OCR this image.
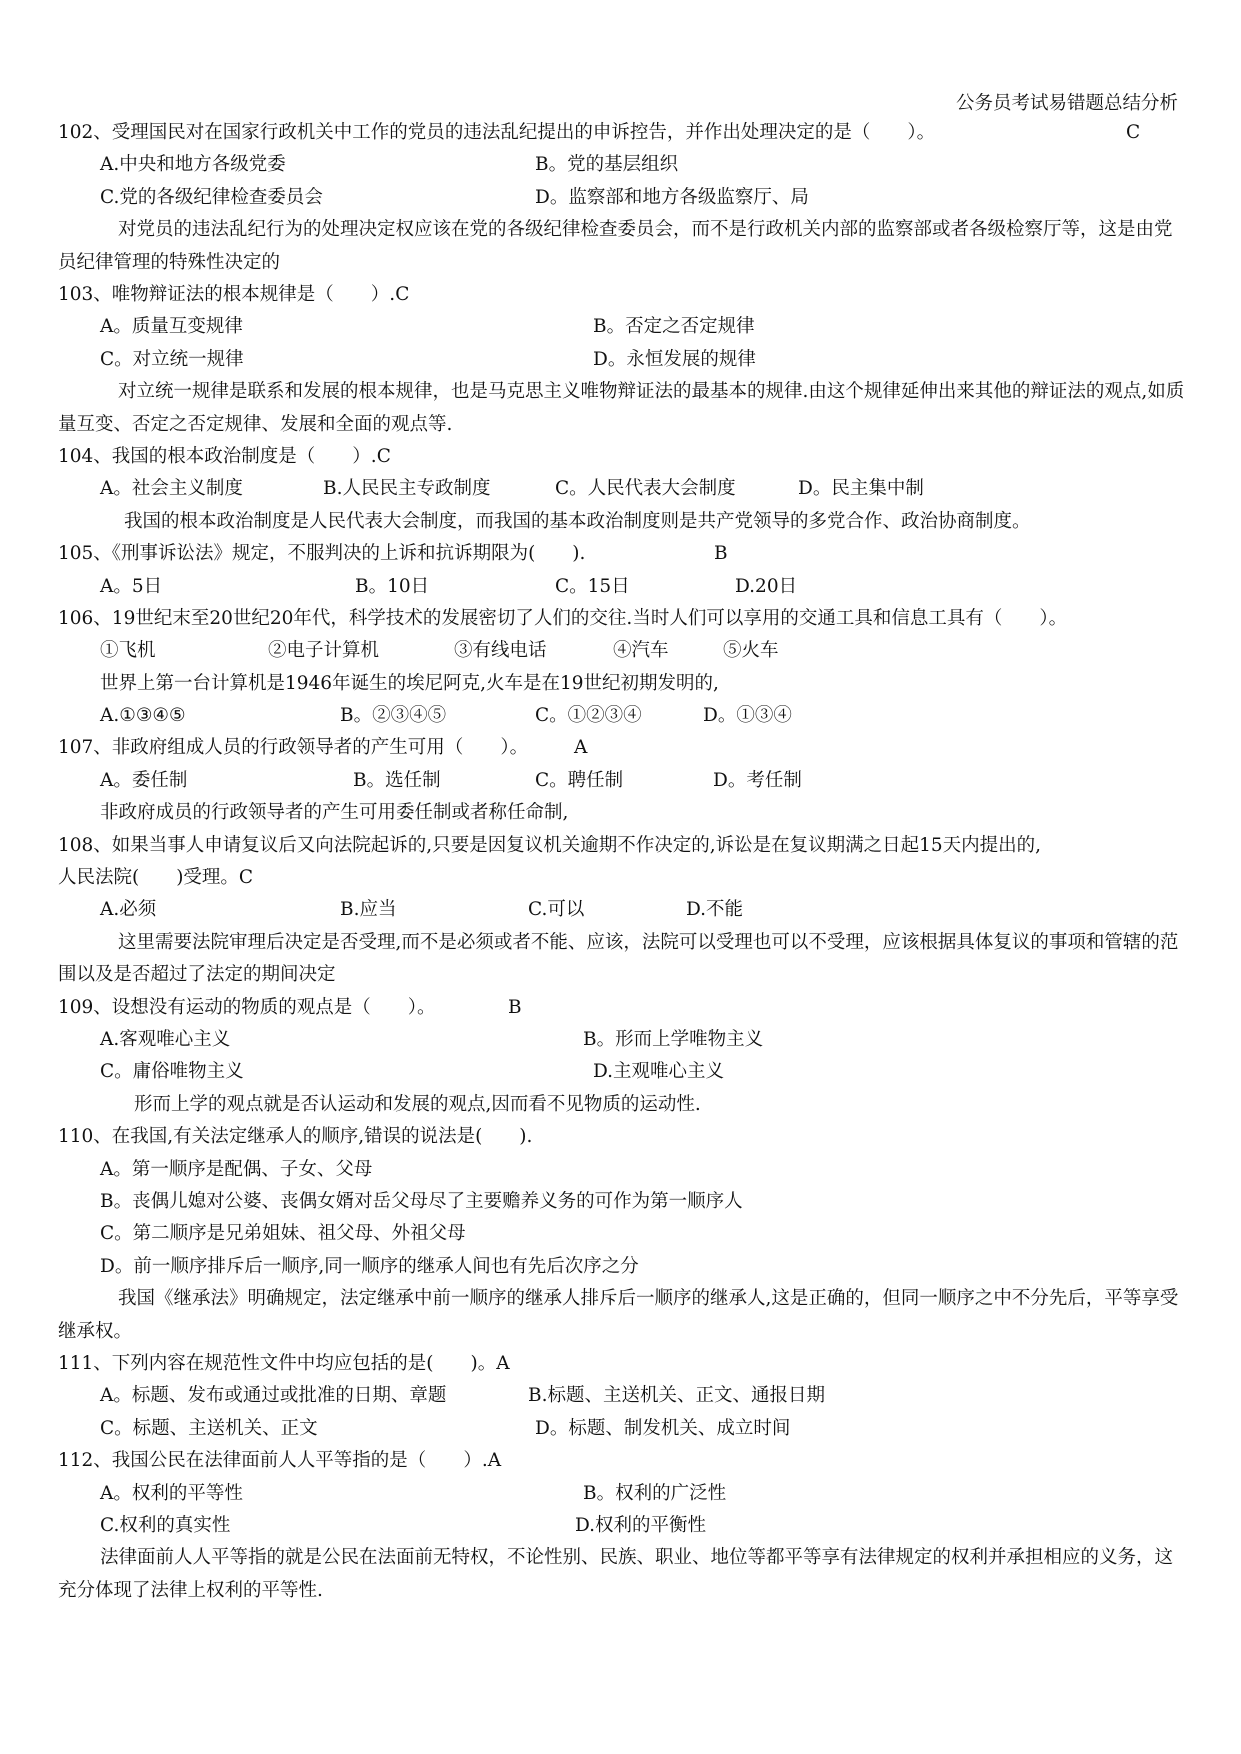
公务员考试易错题总结分析
102、受理国民对在国家行政机关中工作的党员的违法乱纪提出的申诉控告，并作出处理决定的是（　　）。	C
A.中央和地方各级党委	B。党的基层组织
C.党的各级纪律检查委员会	D。监察部和地方各级监察厅、局
对党员的违法乱纪行为的处理决定权应该在党的各级纪律检查委员会，而不是行政机关内部的监察部或者各级检察厅等，这是由党员纪律管理的特殊性决定的
103、唯物辩证法的根本规律是（　　）.C
A。质量互变规律	B。否定之否定规律
C。对立统一规律	D。永恒发展的规律
对立统一规律是联系和发展的根本规律，也是马克思主义唯物辩证法的最基本的规律.由这个规律延伸出来其他的辩证法的观点,如质量互变、否定之否定规律、发展和全面的观点等.
104、我国的根本政治制度是（　　）.C
A。社会主义制度	B.人民民主专政制度	C。人民代表大会制度	D。民主集中制
我国的根本政治制度是人民代表大会制度，而我国的基本政治制度则是共产党领导的多党合作、政治协商制度。
105、《刑事诉讼法》规定，不服判决的上诉和抗诉期限为(　　).	B
A。5日	B。10日	C。15日	D.20日
106、19世纪末至20世纪20年代，科学技术的发展密切了人们的交往.当时人们可以享用的交通工具和信息工具有（　　）。
①飞机	②电子计算机	③有线电话	④汽车	⑤火车
世界上第一台计算机是1946年诞生的埃尼阿克,火车是在19世纪初期发明的,
A.①③④⑤	B。②③④⑤	C。①②③④	D。①③④
107、非政府组成人员的行政领导者的产生可用（　　）。 A
A。委任制	B。选任制	C。聘任制	D。考任制
非政府成员的行政领导者的产生可用委任制或者称任命制,
108、如果当事人申请复议后又向法院起诉的,只要是因复议机关逾期不作决定的,诉讼是在复议期满之日起15天内提出的,
人民法院(　　)受理。C
A.必须	B.应当	C.可以	D.不能
这里需要法院审理后决定是否受理,而不是必须或者不能、应该，法院可以受理也可以不受理，应该根据具体复议的事项和管辖的范围以及是否超过了法定的期间决定
109、设想没有运动的物质的观点是（　　）。	B
A.客观唯心主义	B。形而上学唯物主义
C。庸俗唯物主义	D.主观唯心主义
形而上学的观点就是否认运动和发展的观点,因而看不见物质的运动性.
110、在我国,有关法定继承人的顺序,错误的说法是(　　).
A。第一顺序是配偶、子女、父母
B。丧偶儿媳对公婆、丧偶女婿对岳父母尽了主要赡养义务的可作为第一顺序人
C。第二顺序是兄弟姐妹、祖父母、外祖父母
D。前一顺序排斥后一顺序,同一顺序的继承人间也有先后次序之分
我国《继承法》明确规定，法定继承中前一顺序的继承人排斥后一顺序的继承人,这是正确的，但同一顺序之中不分先后，平等享受继承权。
111、下列内容在规范性文件中均应包括的是(　　)。A
A。标题、发布或通过或批准的日期、章题	B.标题、主送机关、正文、通报日期
C。标题、主送机关、正文	D。标题、制发机关、成立时间
112、我国公民在法律面前人人平等指的是（　　）.A
A。权利的平等性	B。权利的广泛性
C.权利的真实性	D.权利的平衡性
法律面前人人平等指的就是公民在法面前无特权，不论性别、民族、职业、地位等都平等享有法律规定的权利并承担相应的义务，这充分体现了法律上权利的平等性.
